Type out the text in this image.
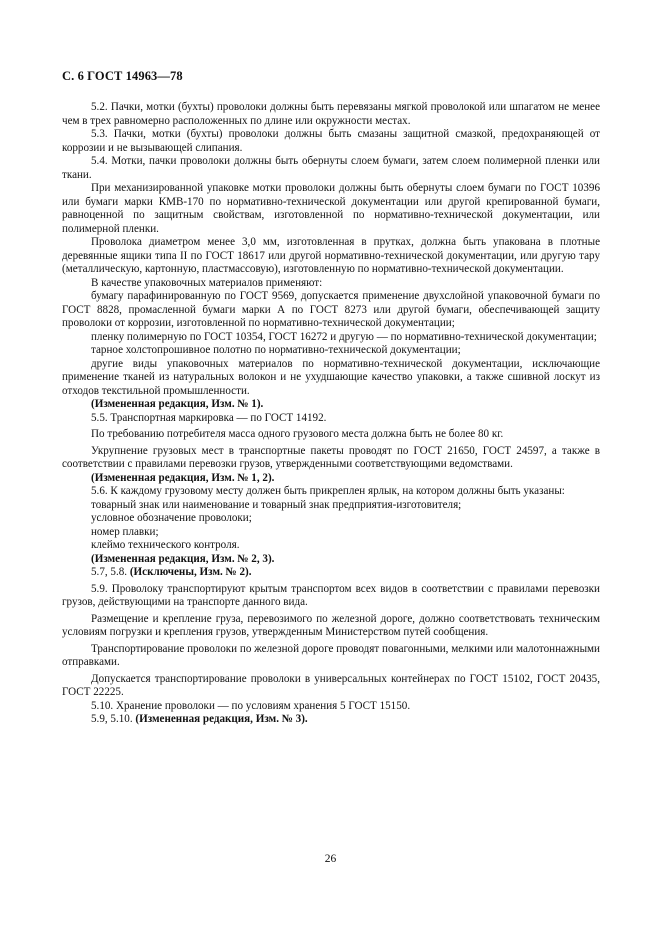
С. 6 ГОСТ 14963—78

5.2. Пачки, мотки (бухты) проволоки должны быть перевязаны мягкой проволокой или шпагатом не менее чем в трех равномерно расположенных по длине или окружности местах.

5.3. Пачки, мотки (бухты) проволоки должны быть смазаны защитной смазкой, предохраняющей от коррозии и не вызывающей слипания.

5.4. Мотки, пачки проволоки должны быть обернуты слоем бумаги, затем слоем полимерной пленки или ткани.

При механизированной упаковке мотки проволоки должны быть обернуты слоем бумаги по ГОСТ 10396 или бумаги марки КМВ-170 по нормативно-технической документации или другой крепированной бумаги, равноценной по защитным свойствам, изготовленной по нормативно-технической документации, или полимерной пленки.

Проволока диаметром менее 3,0 мм, изготовленная в прутках, должна быть упакована в плотные деревянные ящики типа II по ГОСТ 18617 или другой нормативно-технической документации, или другую тару (металлическую, картонную, пластмассовую), изготовленную по нормативно-технической документации.

В качестве упаковочных материалов применяют:

бумагу парафинированную по ГОСТ 9569, допускается применение двухслойной упаковочной бумаги по ГОСТ 8828, промасленной бумаги марки А по ГОСТ 8273 или другой бумаги, обеспечивающей защиту проволоки от коррозии, изготовленной по нормативно-технической документации;

пленку полимерную по ГОСТ 10354, ГОСТ 16272 и другую — по нормативно-технической документации;

тарное холстопрошивное полотно по нормативно-технической документации;

другие виды упаковочных материалов по нормативно-технической документации, исключающие применение тканей из натуральных волокон и не ухудшающие качество упаковки, а также сшивной лоскут из отходов текстильной промышленности.

(Измененная редакция, Изм. № 1).

5.5. Транспортная маркировка — по ГОСТ 14192.

По требованию потребителя масса одного грузового места должна быть не более 80 кг.

Укрупнение грузовых мест в транспортные пакеты проводят по ГОСТ 21650, ГОСТ 24597, а также в соответствии с правилами перевозки грузов, утвержденными соответствующими ведомствами.

(Измененная редакция, Изм. № 1, 2).

5.6. К каждому грузовому месту должен быть прикреплен ярлык, на котором должны быть указаны:

товарный знак или наименование и товарный знак предприятия-изготовителя;

условное обозначение проволоки;

номер плавки;

клеймо технического контроля.

(Измененная редакция, Изм. № 2, 3).

5.7, 5.8. (Исключены, Изм. № 2).

5.9. Проволоку транспортируют крытым транспортом всех видов в соответствии с правилами перевозки грузов, действующими на транспорте данного вида.

Размещение и крепление груза, перевозимого по железной дороге, должно соответствовать техническим условиям погрузки и крепления грузов, утвержденным Министерством путей сообщения.

Транспортирование проволоки по железной дороге проводят повагонными, мелкими или малотоннажными отправками.

Допускается транспортирование проволоки в универсальных контейнерах по ГОСТ 15102, ГОСТ 20435, ГОСТ 22225.

5.10. Хранение проволоки — по условиям хранения 5 ГОСТ 15150.

5.9, 5.10. (Измененная редакция, Изм. № 3).

26
